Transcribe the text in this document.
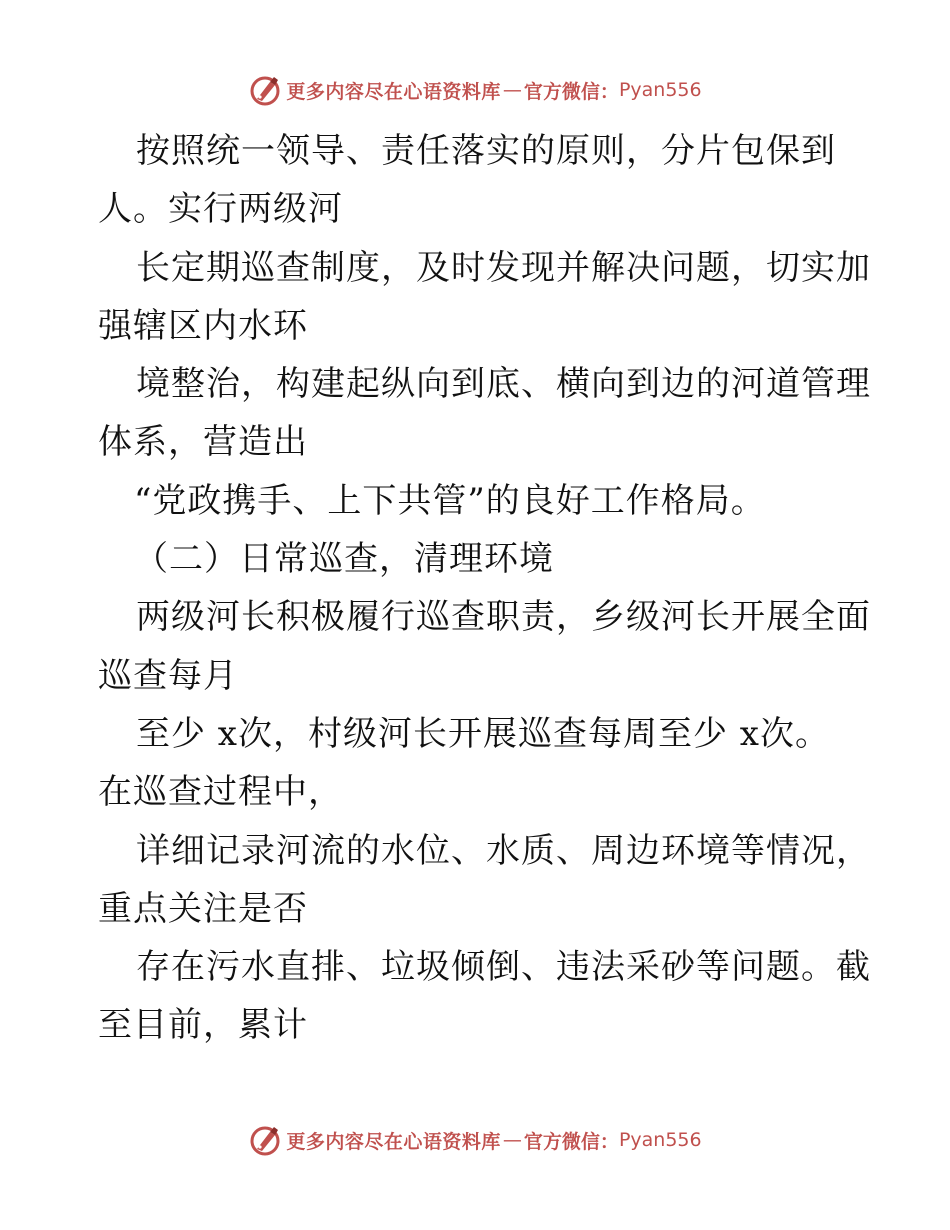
更多内容尽在心语资料库 — 官方微信： Pyan556
按照统一领导、责任落实的原则，分片包保到
人。实行两级河
长定期巡查制度，及时发现并解决问题，切实加
强辖区内水环
境整治，构建起纵向到底、横向到边的河道管理
体系，营造出
“党政携手、上下共管”的良好工作格局。
（二）日常巡查，清理环境
两级河长积极履行巡查职责，乡级河长开展全面
巡查每月
至少 x次，村级河长开展巡查每周至少 x次。
在巡查过程中，
详细记录河流的水位、水质、周边环境等情况，
重点关注是否
存在污水直排、垃圾倾倒、违法采砂等问题。截
至目前，累计
更多内容尽在心语资料库 — 官方微信： Pyan556
